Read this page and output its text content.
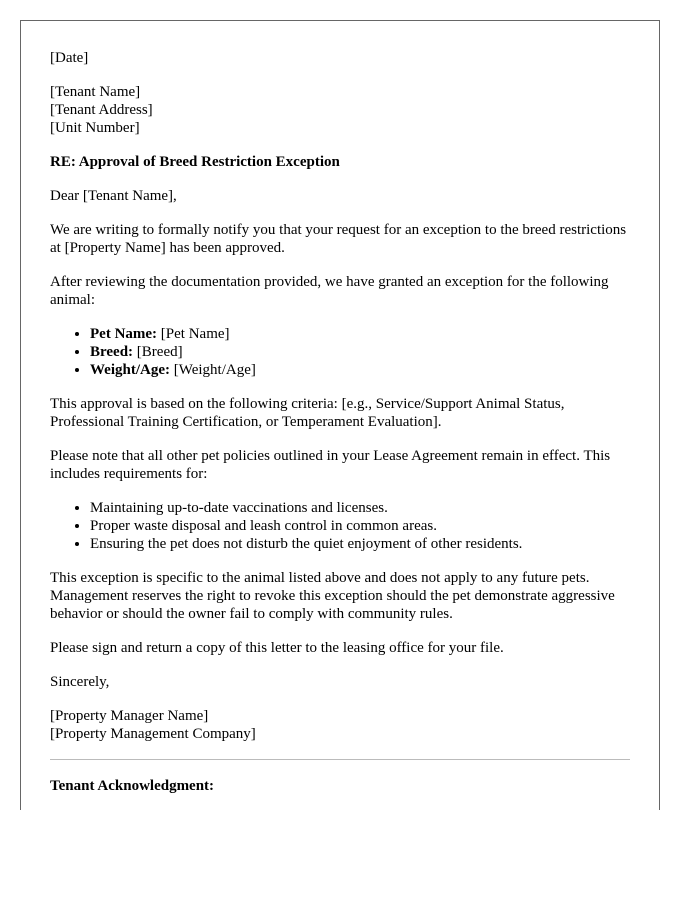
[Date]

[Tenant Name]
[Tenant Address]
[Unit Number]

RE: Approval of Breed Restriction Exception

Dear [Tenant Name],

We are writing to formally notify you that your request for an exception to the breed restrictions at [Property Name] has been approved.

After reviewing the documentation provided, we have granted an exception for the following animal:

• Pet Name: [Pet Name]
• Breed: [Breed]
• Weight/Age: [Weight/Age]

This approval is based on the following criteria: [e.g., Service/Support Animal Status, Professional Training Certification, or Temperament Evaluation].

Please note that all other pet policies outlined in your Lease Agreement remain in effect. This includes requirements for:

• Maintaining up-to-date vaccinations and licenses.
• Proper waste disposal and leash control in common areas.
• Ensuring the pet does not disturb the quiet enjoyment of other residents.

This exception is specific to the animal listed above and does not apply to any future pets. Management reserves the right to revoke this exception should the pet demonstrate aggressive behavior or should the owner fail to comply with community rules.

Please sign and return a copy of this letter to the leasing office for your file.

Sincerely,

[Property Manager Name]
[Property Management Company]

Tenant Acknowledgment:
